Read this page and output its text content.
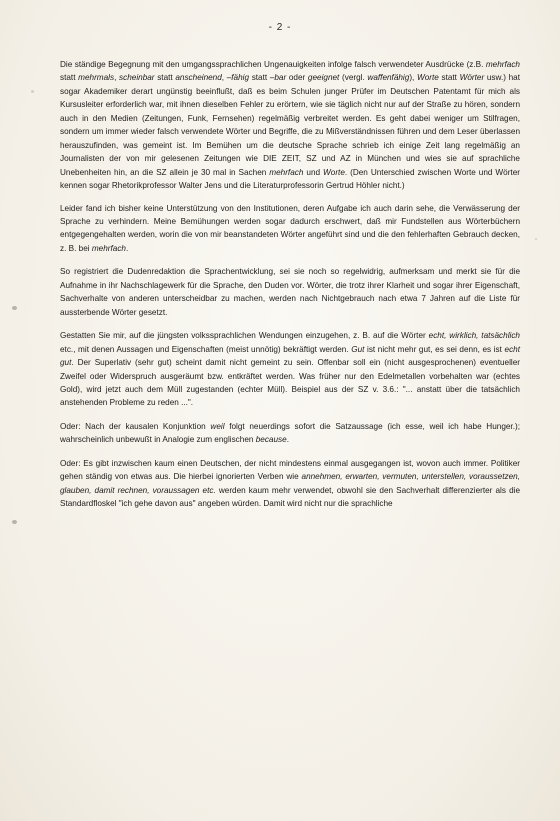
- 2 -

Die ständige Begegnung mit den umgangssprachlichen Ungenauigkeiten infolge falsch verwendeter Ausdrücke (z.B. mehrfach statt mehrmals, scheinbar statt anscheinend, –fähig statt –bar oder geeignet (vergl. waffenfähig), Worte statt Wörter usw.) hat sogar Akademiker derart ungünstig beeinflußt, daß es beim Schulen junger Prüfer im Deutschen Patentamt für mich als Kursusleiter erforderlich war, mit ihnen dieselben Fehler zu erörtern, wie sie täglich nicht nur auf der Straße zu hören, sondern auch in den Medien (Zeitungen, Funk, Fernsehen) regelmäßig verbreitet werden. Es geht dabei weniger um Stilfragen, sondern um immer wieder falsch verwendete Wörter und Begriffe, die zu Mißverständnissen führen und dem Leser überlassen herauszufinden, was gemeint ist. Im Bemühen um die deutsche Sprache schrieb ich einige Zeit lang regelmäßig an Journalisten der von mir gelesenen Zeitungen wie DIE ZEIT, SZ und AZ in München und wies sie auf sprachliche Unebenheiten hin, an die SZ allein je 30 mal in Sachen mehrfach und Worte. (Den Unterschied zwischen Worte und Wörter kennen sogar Rhetorikprofessor Walter Jens und die Literaturprofessorin Gertrud Höhler nicht.)

Leider fand ich bisher keine Unterstützung von den Institutionen, deren Aufgabe ich auch darin sehe, die Verwässerung der Sprache zu verhindern. Meine Bemühungen werden sogar dadurch erschwert, daß mir Fundstellen aus Wörterbüchern entgegengehalten werden, worin die von mir beanstandeten Wörter angeführt sind und die den fehlerhaften Gebrauch decken, z. B. bei mehrfach.

So registriert die Dudenredaktion die Sprachentwicklung, sei sie noch so regelwidrig, aufmerksam und merkt sie für die Aufnahme in ihr Nachschlagewerk für die Sprache, den Duden vor. Wörter, die trotz ihrer Klarheit und sogar ihrer Eigenschaft, Sachverhalte von anderen unterscheidbar zu machen, werden nach Nichtgebrauch nach etwa 7 Jahren auf die Liste für aussterbende Wörter gesetzt.

Gestatten Sie mir, auf die jüngsten volkssprachlichen Wendungen einzugehen, z. B. auf die Wörter echt, wirklich, tatsächlich etc., mit denen Aussagen und Eigenschaften (meist unnötig) bekräftigt werden. Gut ist nicht mehr gut, es sei denn, es ist echt gut. Der Superlativ (sehr gut) scheint damit nicht gemeint zu sein. Offenbar soll ein (nicht ausgesprochenen) eventueller Zweifel oder Widerspruch ausgeräumt bzw. entkräftet werden. Was früher nur den Edelmetallen vorbehalten war (echtes Gold), wird jetzt auch dem Müll zugestanden (echter Müll). Beispiel aus der SZ v. 3.6.: "... anstatt über die tatsächlich anstehenden Probleme zu reden ...".

Oder: Nach der kausalen Konjunktion weil folgt neuerdings sofort die Satzaussage (ich esse, weil ich habe Hunger.); wahrscheinlich unbewußt in Analogie zum englischen because.

Oder: Es gibt inzwischen kaum einen Deutschen, der nicht mindestens einmal ausgegangen ist, wovon auch immer. Politiker gehen ständig von etwas aus. Die hierbei ignorierten Verben wie annehmen, erwarten, vermuten, unterstellen, voraussetzen, glauben, damit rechnen, voraussagen etc. werden kaum mehr verwendet, obwohl sie den Sachverhalt differenzierter als die Standardfloskel "ich gehe davon aus" angeben würden. Damit wird nicht nur die sprachliche
